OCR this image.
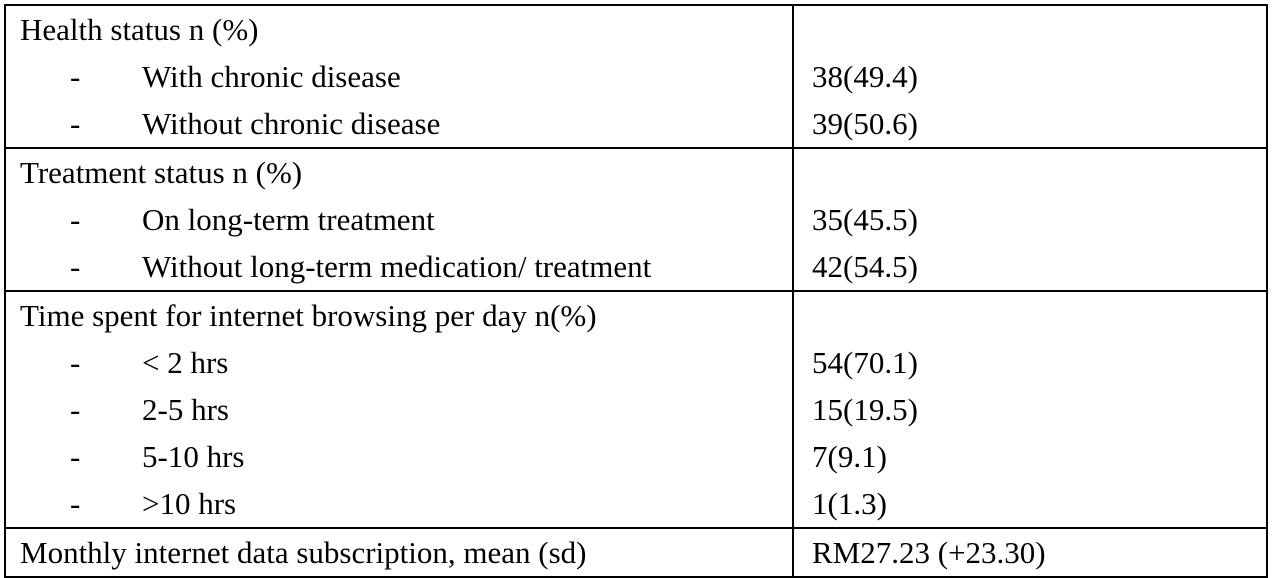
Health status n (%)	

- With chronic disease	38(49.4)

- Without chronic disease	39(50.6)

Treatment status n (%)	

- On long-term treatment	35(45.5)

- Without long-term medication/ treatment	42(54.5)

Time spent for internet browsing per day n(%)	

- < 2 hrs	54(70.1)

- 2-5 hrs	15(19.5)

- 5-10 hrs	7(9.1)

- >10 hrs	1(1.3)

Monthly internet data subscription, mean (sd)	RM27.23 (+23.30)
